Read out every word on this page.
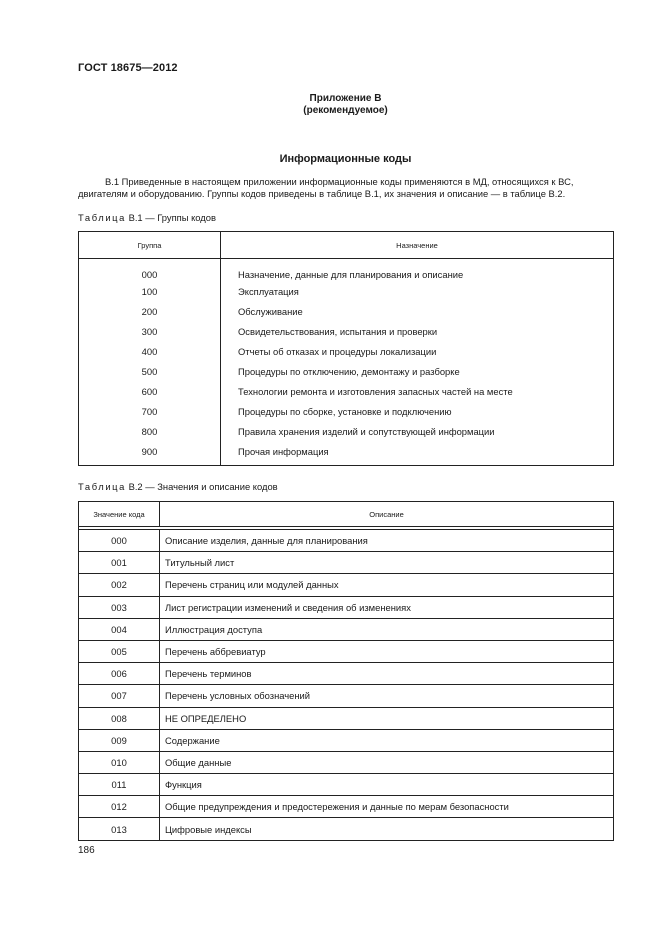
ГОСТ 18675—2012
Приложение В
(рекомендуемое)
Информационные коды
В.1 Приведенные в настоящем приложении информационные коды применяются в МД, относящихся к ВС,
двигателям и оборудованию. Группы кодов приведены в таблице В.1, их значения и описание — в таблице В.2.
Таблица В.1 — Группы кодов
Группа	Назначение
000	Назначение, данные для планирования и описание
100	Эксплуатация
200	Обслуживание
300	Освидетельствования, испытания и проверки
400	Отчеты об отказах и процедуры локализации
500	Процедуры по отключению, демонтажу и разборке
600	Технологии ремонта и изготовления запасных частей на месте
700	Процедуры по сборке, установке и подключению
800	Правила хранения изделий и сопутствующей информации
900	Прочая информация
Таблица В.2 — Значения и описание кодов
Значение кода	Описание

000	Описание изделия, данные для планирования
001	Титульный лист
002	Перечень страниц или модулей данных
003	Лист регистрации изменений и сведения об изменениях
004	Иллюстрация доступа
005	Перечень аббревиатур
006	Перечень терминов
007	Перечень условных обозначений
008	НЕ ОПРЕДЕЛЕНО
009	Содержание
010	Общие данные
011	Функция
012	Общие предупреждения и предостережения и данные по мерам безопасности
013	Цифровые индексы
186
